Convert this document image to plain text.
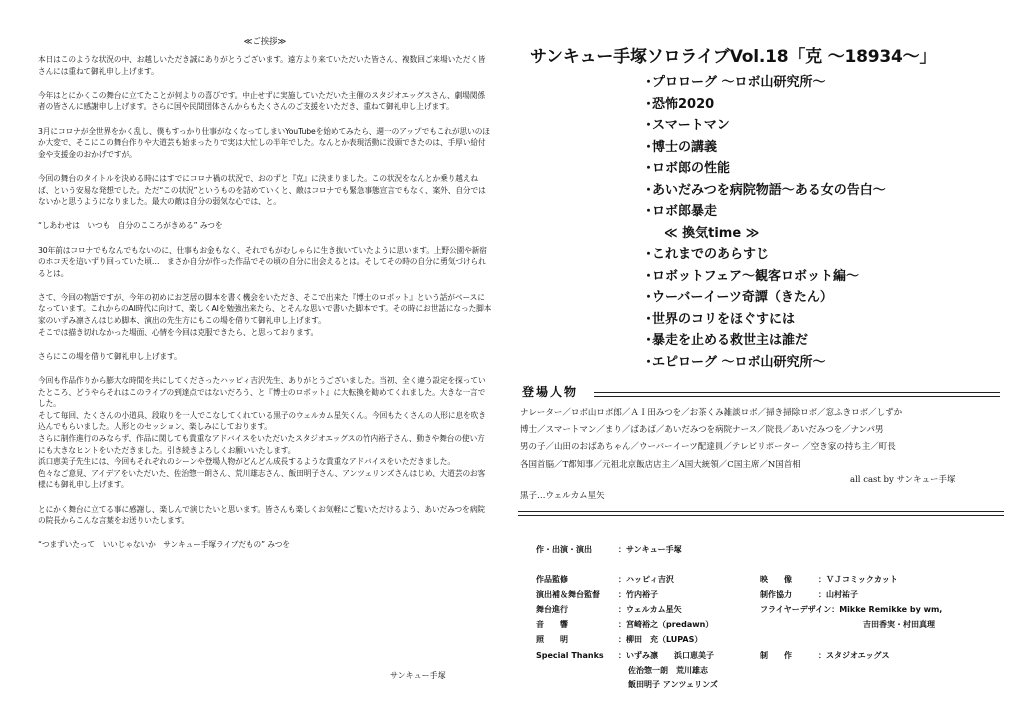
≪ご挨拶≫

本日はこのような状況の中、お越しいただき誠にありがとうございます。遠方より来ていただいた皆さん、複数回ご来場いただく皆さんには重ねて御礼申し上げます。

今年はとにかくこの舞台に立てたことが何よりの喜びです。中止せずに実施していただいた主催のスタジオエッグスさん、劇場関係者の皆さんに感謝申し上げます。さらに国や民間団体さんからもたくさんのご支援をいただき、重ねて御礼申し上げます。

3月にコロナが全世界をかく乱し、僕もすっかり仕事がなくなってしまいYouTubeを始めてみたら、週一のアップでもこれが思いのほか大変で、そこにこの舞台作りや大道芸も始まったりで実は大忙しの半年でした。なんとか表現活動に没頭できたのは、手厚い給付金や支援金のおかげですが。

今回の舞台のタイトルを決める時にはすでにコロナ禍の状況で、おのずと『克』に決まりました。この状況をなんとか乗り越えねば、という安易な発想でした。ただ“この状況”というものを詰めていくと、敵はコロナでも緊急事態宣言でもなく、案外、自分ではないかと思うようになりました。最大の敵は自分の弱気な心では、と。

“しあわせは　いつも　自分のこころがきめる” みつを

30年前はコロナでもなんでもないのに、仕事もお金もなく、それでもがむしゃらに生き抜いていたように思います。上野公園や新宿のホコ天を這いずり回っていた頃…　まさか自分が作った作品でその頃の自分に出会えるとは。そしてその時の自分に勇気づけられるとは。

さて、今回の物語ですが、今年の初めにお芝居の脚本を書く機会をいただき、そこで出来た『博士のロボット』という話がベースになっています。これからのAI時代に向けて、楽しくAIを勉強出来たら、とそんな思いで書いた脚本です。その時にお世話になった脚本家のいずみ凛さんはじめ脚本、演出の先生方にもこの場を借りて御礼申し上げます。
そこでは描き切れなかった場面、心情を今回は克服できたら、と思っております。

さらにこの場を借りて御礼申し上げます。

今回も作品作りから膨大な時間を共にしてくださったハッピィ吉沢先生、ありがとうございました。当初、全く違う設定を探っていたところ、どうやらそれはこのライブの到達点ではないだろう、と『博士のロボット』に大転換を勧めてくれました。大きな一言でした。
そして毎回、たくさんの小道具、段取りを一人でこなしてくれている黒子のウェルカム星矢くん。今回もたくさんの人形に息を吹き込んでもらいました。人形とのセッション、楽しみにしております。
さらに制作進行のみならず、作品に関しても貴重なアドバイスをいただいたスタジオエッグスの竹内裕子さん、動きや舞台の使い方にも大きなヒントをいただきました。引き続きよろしくお願いいたします。
浜口恵美子先生には、今回もそれぞれのシーンや登場人物がどんどん成長するような貴重なアドバイスをいただきました。
色々なご意見、アイデアをいただいた、佐治惣一朗さん、荒川雄志さん、飯田明子さん、アンツェリンズさんはじめ、大道芸のお客様にも御礼申し上げます。

とにかく舞台に立てる事に感謝し、楽しんで演じたいと思います。皆さんも楽しくお気軽にご覧いただけるよう、あいだみつを病院の院長からこんな言葉をお送りいたします。

“つまずいたって　いいじゃないか　サンキュー手塚ライブだもの” みつを

サンキュー手塚
サンキュー手塚ソロライブVol.18「克 〜18934〜」
・プロローグ 〜ロボ山研究所〜
・恐怖2020
・スマートマン
・博士の講義
・ロボ郎の性能
・あいだみつを病院物語〜ある女の告白〜
・ロボ郎暴走
≪ 換気time ≫
・これまでのあらすじ
・ロボットフェア〜観客ロボット編〜
・ウーバーイーツ奇譚（きたん）
・世界のコリをほぐすには
・暴走を止める救世主は誰だ
・エピローグ 〜ロボ山研究所〜
登場人物
ナレーター／ロボ山ロボ郎／ＡＩ田みつを／お茶くみ雑談ロボ／掃き掃除ロボ／窓ふきロボ／しずか
博士／スマートマン／まり／ばあば／あいだみつを病院ナース／院長／あいだみつを／ナンパ男
男の子／山田のおばあちゃん／ウーバーイーツ配達員／テレビリポーター ／空き家の持ち主／町長
各国首脳／T都知事／元祖北京飯店店主／A国大統領／C国主席／N国首相
all cast by サンキュー手塚
黒子…ウェルカム星矢
作・出演・演出	：サンキュー手塚
作品監修	：ハッピィ吉沢
演出補＆舞台監督 ：竹内裕子
舞台進行	：ウェルカム星矢
音　　響	：宮崎裕之（predawn）
照　　明	：柳田　充（LUPAS）
Special Thanks ：いずみ凛　　浜口恵美子
佐治惣一朗　荒川雄志
飯田明子 アンツェリンズ
映　　像	：ＶＪコミックカット
制作協力	：山村祐子
フライヤーデザイン：Mikke Remikke by wm,
吉田香実・村田真理
制　　作	：スタジオエッグス
